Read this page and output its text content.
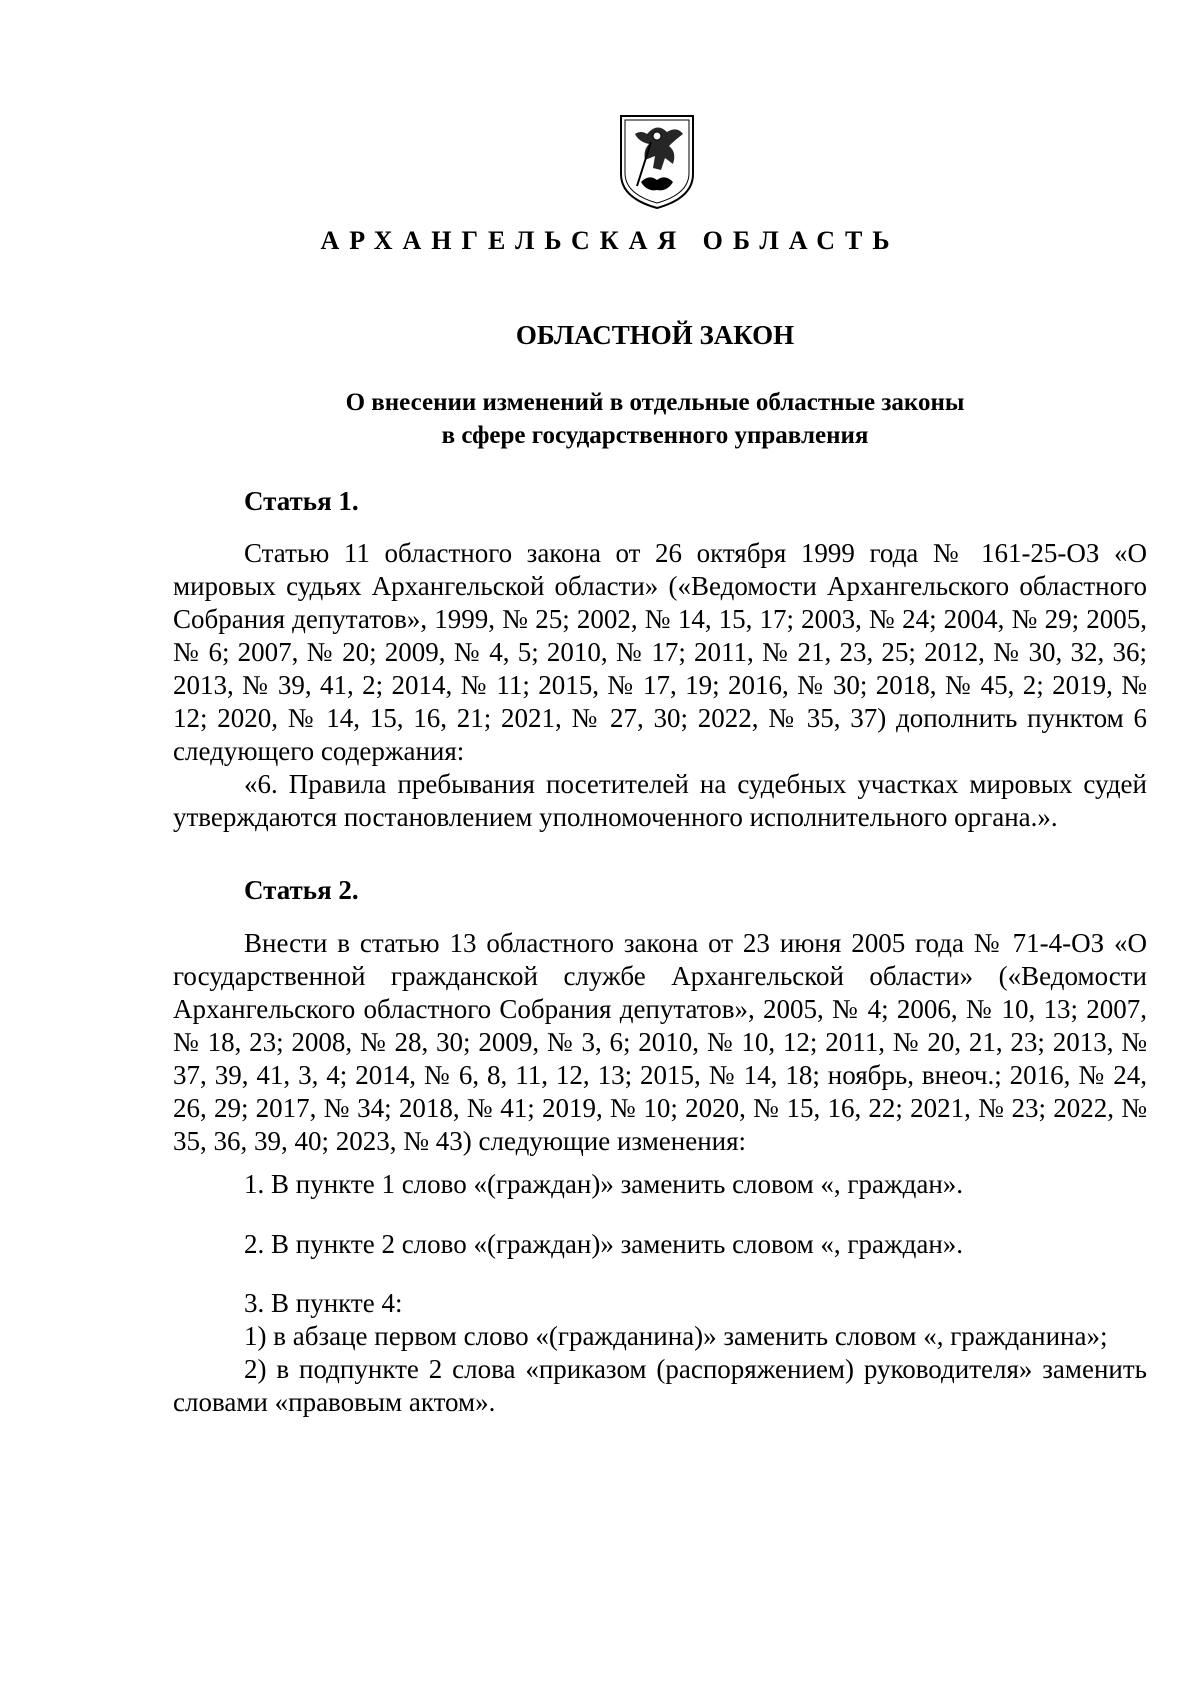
АРХАНГЕЛЬСКАЯ ОБЛАСТЬ
ОБЛАСТНОЙ ЗАКОН
О внесении изменений в отдельные областные законы
в сфере государственного управления
Статья 1.

Статью 11 областного закона от 26 октября 1999 года № 161-25-ОЗ «О мировых судьях Архангельской области» («Ведомости Архангельского областного Собрания депутатов», 1999, № 25; 2002, № 14, 15, 17; 2003, № 24; 2004, № 29; 2005, № 6; 2007, № 20; 2009, № 4, 5; 2010, № 17; 2011, № 21, 23, 25; 2012, № 30, 32, 36; 2013, № 39, 41, 2; 2014, № 11; 2015, № 17, 19; 2016, № 30; 2018, № 45, 2; 2019, № 12; 2020, № 14, 15, 16, 21; 2021, № 27, 30; 2022, № 35, 37) дополнить пунктом 6 следующего содержания:

«6. Правила пребывания посетителей на судебных участках мировых судей утверждаются постановлением уполномоченного исполнительного органа.».

Статья 2.

Внести в статью 13 областного закона от 23 июня 2005 года № 71-4-ОЗ «О государственной гражданской службе Архангельской области» («Ведомости Архангельского областного Собрания депутатов», 2005, № 4; 2006, № 10, 13; 2007, № 18, 23; 2008, № 28, 30; 2009, № 3, 6; 2010, № 10, 12; 2011, № 20, 21, 23; 2013, № 37, 39, 41, 3, 4; 2014, № 6, 8, 11, 12, 13; 2015, № 14, 18; ноябрь, внеоч.; 2016, № 24, 26, 29; 2017, № 34; 2018, № 41; 2019, № 10; 2020, № 15, 16, 22; 2021, № 23; 2022, № 35, 36, 39, 40; 2023, № 43) следующие изменения:

1. В пункте 1 слово «(граждан)» заменить словом «, граждан».
2. В пункте 2 слово «(граждан)» заменить словом «, граждан».

3. В пункте 4:

1) в абзаце первом слово «(гражданина)» заменить словом «, гражданина»;

2) в подпункте 2 слова «приказом (распоряжением) руководителя» заменить словами «правовым актом».
